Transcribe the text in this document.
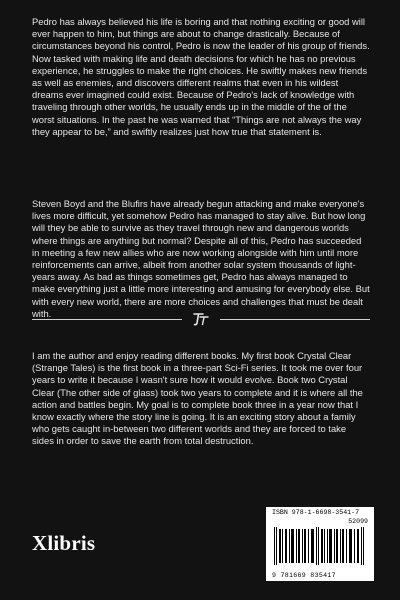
Pedro has always believed his life is boring and that nothing exciting or good will ever happen to him, but things are about to change drastically. Because of circumstances beyond his control, Pedro is now the leader of his group of friends. Now tasked with making life and death decisions for which he has no previous experience, he struggles to make the right choices. He swiftly makes new friends as well as enemies, and discovers different realms that even in his wildest dreams ever imagined could exist. Because of Pedro's lack of knowledge with traveling through other worlds, he usually ends up in the middle of the of the worst situations. In the past he was warned that “Things are not always the way they appear to be,” and swiftly realizes just how true that statement is.

Steven Boyd and the Blufirs have already begun attacking and make everyone's lives more difficult, yet somehow Pedro has managed to stay alive. But how long will they be able to survive as they travel through new and dangerous worlds where things are anything but normal? Despite all of this, Pedro has succeeded in meeting a few new allies who are now working alongside with him until more reinforcements can arrive, albeit from another solar system thousands of light-years away. As bad as things sometimes get, Pedro has always managed to make everything just a little more interesting and amusing for everybody else. But with every new world, there are more choices and challenges that must be dealt with.

I am the author and enjoy reading different books. My first book Crystal Clear (Strange Tales) is the first book in a three-part Sci-Fi series. It took me over four years to write it because I wasn't sure how it would evolve. Book two Crystal Clear (The other side of glass) took two years to complete and it is where all the action and battles begin. My goal is to complete book three in a year now that I know exactly where the story line is going. It is an exciting story about a family who gets caught in-between two different worlds and they are forced to take sides in order to save the earth from total destruction.

Xlibris
ISBN 978-1-6698-3541-7
52099
9 781669 835417
